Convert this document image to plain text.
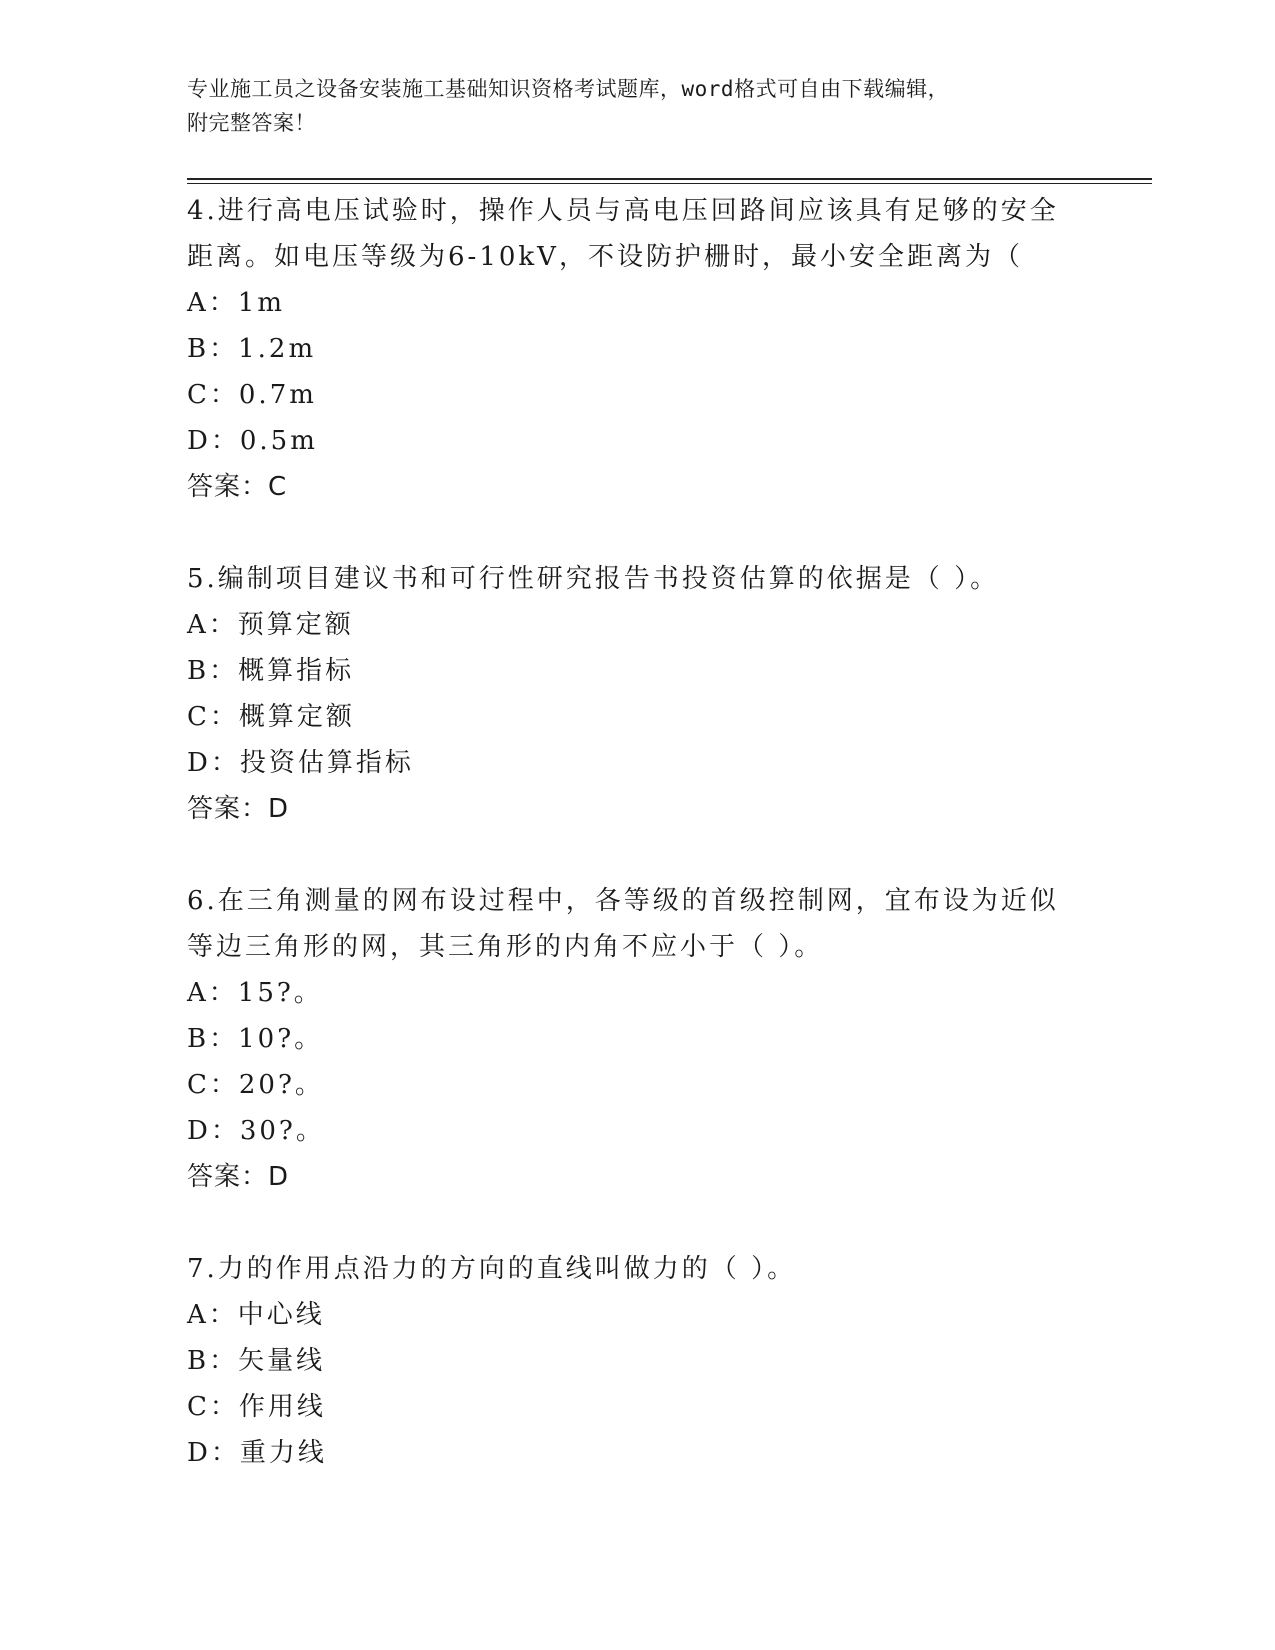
专业施工员之设备安装施工基础知识资格考试题库，word格式可自由下载编辑，
附完整答案！
4.进行高电压试验时，操作人员与高电压回路间应该具有足够的安全距离。如电压等级为6-10kV，不设防护栅时，最小安全距离为（
A：1m
B：1.2m
C：0.7m
D：0.5m
答案：C
5.编制项目建议书和可行性研究报告书投资估算的依据是（ ）。
A：预算定额
B：概算指标
C：概算定额
D：投资估算指标
答案：D
6.在三角测量的网布设过程中，各等级的首级控制网，宜布设为近似等边三角形的网，其三角形的内角不应小于（ ）。
A：15?。
B：10?。
C：20?。
D：30?。
答案：D
7.力的作用点沿力的方向的直线叫做力的（ ）。
A：中心线
B：矢量线
C：作用线
D：重力线
